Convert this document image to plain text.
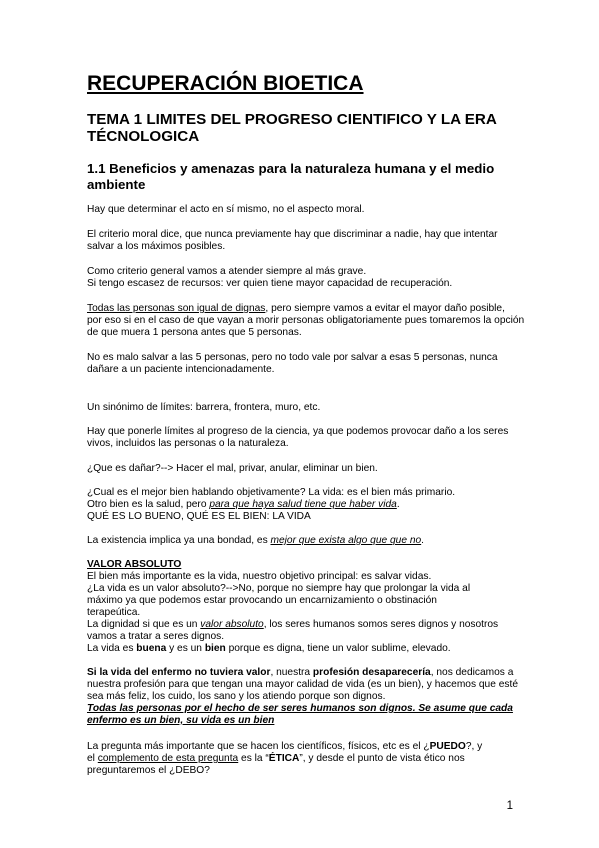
RECUPERACIÓN BIOETICA
TEMA 1 LIMITES DEL PROGRESO CIENTIFICO Y LA ERA
TÉCNOLOGICA
1.1 Beneficios y amenazas para la naturaleza humana y el medio
ambiente
Hay que determinar el acto en sí mismo, no el aspecto moral.
El criterio moral dice, que nunca previamente hay que discriminar a nadie, hay que intentar
salvar a los máximos posibles.
Como criterio general vamos a atender siempre al más grave.
Si tengo escasez de recursos: ver quien tiene mayor capacidad de recuperación.
Todas las personas son igual de dignas, pero siempre vamos a evitar el mayor daño posible,
por eso si en el caso de que vayan a morir personas obligatoriamente pues tomaremos la opción
de que muera 1 persona antes que 5 personas.
No es malo salvar a las 5 personas, pero no todo vale por salvar a esas 5 personas, nunca
dañare a un paciente intencionadamente.
Un sinónimo de límites: barrera, frontera, muro, etc.
Hay que ponerle límites al progreso de la ciencia, ya que podemos provocar daño a los seres
vivos, incluidos las personas o la naturaleza.
¿Que es dañar?--> Hacer el mal, privar, anular, eliminar un bien.
¿Cual es el mejor bien hablando objetivamente? La vida: es el bien más primario.
Otro bien es la salud, pero para que haya salud tiene que haber vida.
QUÉ ES LO BUENO, QUÉ ES EL BIEN: LA VIDA
La existencia implica ya una bondad, es mejor que exista algo que que no.
VALOR ABSOLUTO
El bien más importante es la vida, nuestro objetivo principal: es salvar vidas.
¿La vida es un valor absoluto?-->No, porque no siempre hay que prolongar la vida al
máximo ya que podemos estar provocando un encarnizamiento o obstinación
terapeútica.
La dignidad si que es un valor absoluto, los seres humanos somos seres dignos y nosotros
vamos a tratar a seres dignos.
La vida es buena y es un bien porque es digna, tiene un valor sublime, elevado.
Si la vida del enfermo no tuviera valor, nuestra profesión desaparecería, nos dedicamos a
nuestra profesión para que tengan una mayor calidad de vida (es un bien), y hacemos que esté
sea más feliz, los cuido, los sano y los atiendo porque son dignos.
Todas las personas por el hecho de ser seres humanos son dignos. Se asume que cada
enfermo es un bien, su vida es un bien
La pregunta más importante que se hacen los científicos, físicos, etc es el ¿PUEDO?, y
el complemento de esta pregunta es la “ÉTICA”, y desde el punto de vista ético nos
preguntaremos el ¿DEBO?
1
